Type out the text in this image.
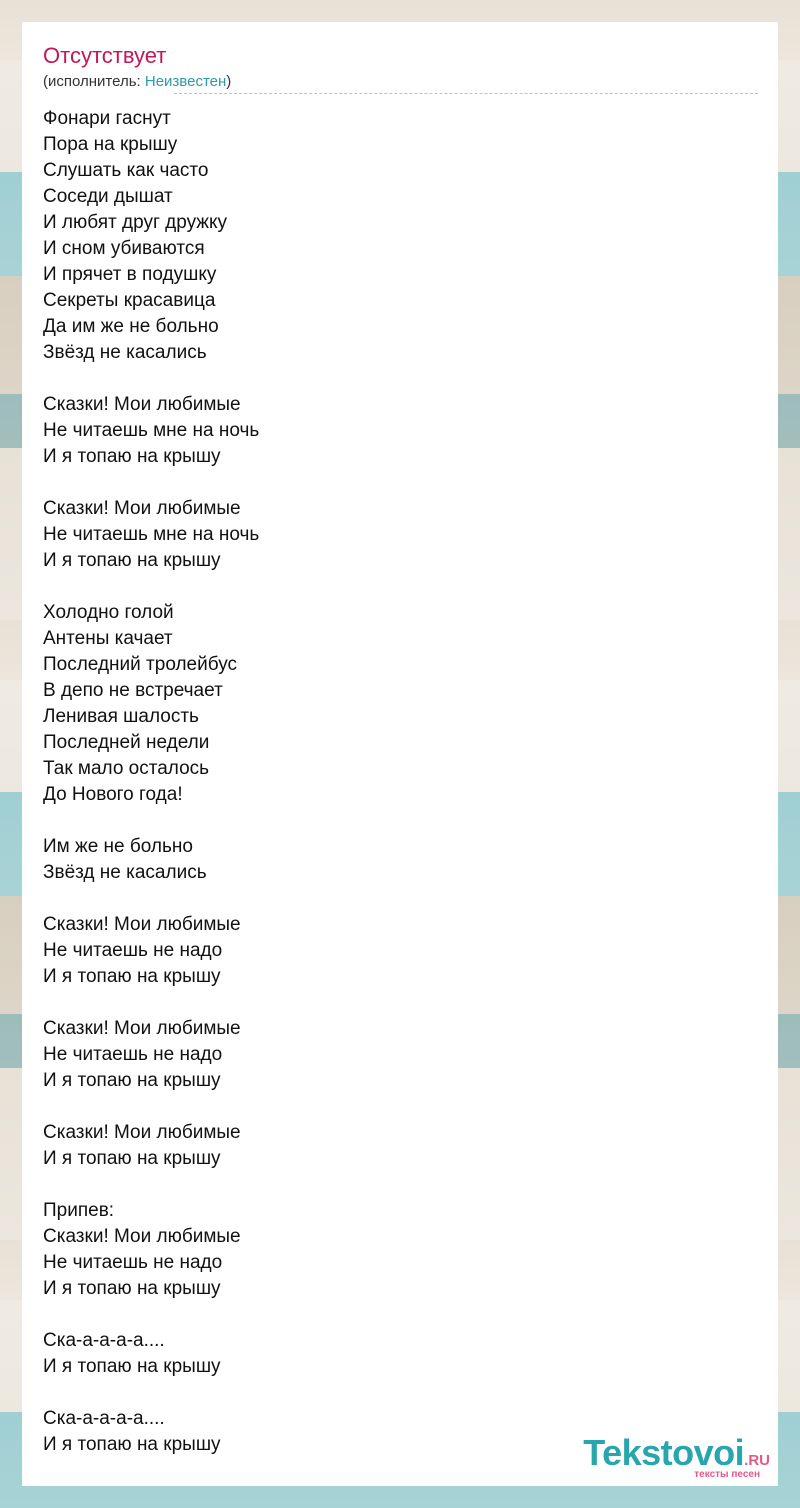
Отсутствует
(исполнитель: Неизвестен)
Фонари гаснут
Пора на крышу
Слушать как часто
Соседи дышат
И любят друг дружку
И сном убиваются
И прячет в подушку
Секреты красавица
Да им же не больно
Звёзд не касались
Сказки! Мои любимые
Не читаешь мне на ночь
И я топаю на крышу
Сказки! Мои любимые
Не читаешь мне на ночь
И я топаю на крышу
Холодно голой
Антены качает
Последний тролейбус
В депо не встречает
Ленивая шалость
Последней недели
Так мало осталось
До Нового года!
Им же не больно
Звёзд не касались
Сказки! Мои любимые
Не читаешь не надо
И я топаю на крышу
Сказки! Мои любимые
Не читаешь не надо
И я топаю на крышу
Сказки! Мои любимые
И я топаю на крышу
Припев:
Сказки! Мои любимые
Не читаешь не надо
И я топаю на крышу
Ска-а-а-а-а....
И я топаю на крышу
Ска-а-а-а-а....
И я топаю на крышу	Tekstovoi.RU
тексты песен
